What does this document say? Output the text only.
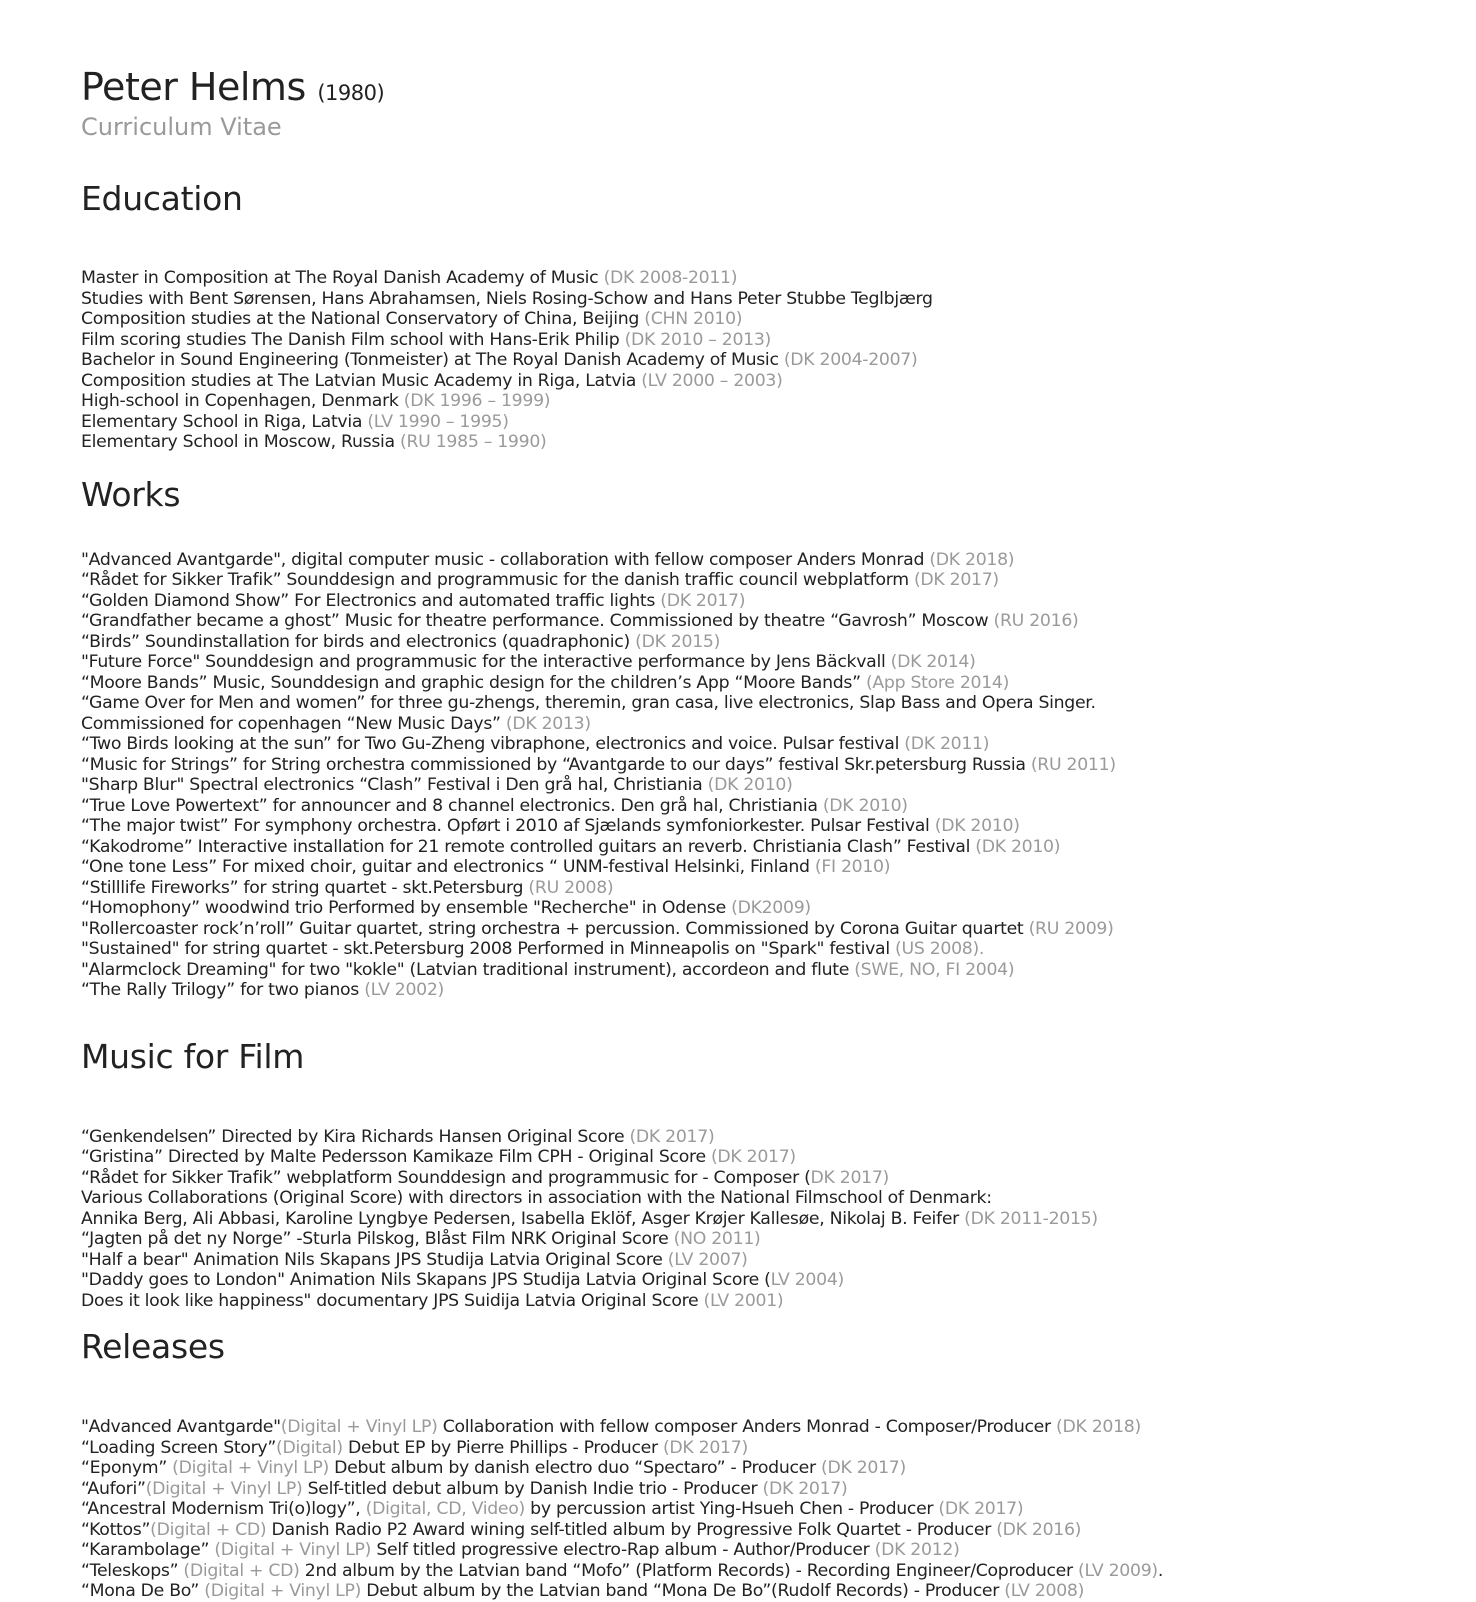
Peter Helms (1980)
Curriculum Vitae
Education
Master in Composition at The Royal Danish Academy of Music (DK 2008-2011)
Studies with Bent Sørensen, Hans Abrahamsen, Niels Rosing-Schow and Hans Peter Stubbe Teglbjærg
Composition studies at the National Conservatory of China, Beijing (CHN 2010)
Film scoring studies The Danish Film school with Hans-Erik Philip (DK 2010 – 2013)
Bachelor in Sound Engineering (Tonmeister) at The Royal Danish Academy of Music (DK 2004-2007)
Composition studies at The Latvian Music Academy in Riga, Latvia (LV 2000 – 2003)
High-school in Copenhagen, Denmark (DK 1996 – 1999)
Elementary School in Riga, Latvia (LV 1990 – 1995)
Elementary School in Moscow, Russia (RU 1985 – 1990)
Works
"Advanced Avantgarde", digital computer music - collaboration with fellow composer Anders Monrad (DK 2018)
“Rådet for Sikker Trafik” Sounddesign and programmusic for the danish traffic council webplatform (DK 2017)
“Golden Diamond Show” For Electronics and automated traffic lights (DK 2017)
“Grandfather became a ghost” Music for theatre performance. Commissioned by theatre “Gavrosh” Moscow (RU 2016)
“Birds” Soundinstallation for birds and electronics (quadraphonic) (DK 2015)
"Future Force" Sounddesign and programmusic for the interactive performance by Jens Bäckvall (DK 2014)
“Moore Bands” Music, Sounddesign and graphic design for the children’s App “Moore Bands” (App Store 2014)
“Game Over for Men and women” for three gu-zhengs, theremin, gran casa, live electronics, Slap Bass and Opera Singer.
Commissioned for copenhagen “New Music Days” (DK 2013)
“Two Birds looking at the sun” for Two Gu-Zheng vibraphone, electronics and voice. Pulsar festival (DK 2011)
“Music for Strings” for String orchestra commissioned by “Avantgarde to our days” festival Skr.petersburg Russia (RU 2011)
"Sharp Blur" Spectral electronics “Clash” Festival i Den grå hal, Christiania (DK 2010)
“True Love Powertext” for announcer and 8 channel electronics. Den grå hal, Christiania (DK 2010)
“The major twist” For symphony orchestra. Opført i 2010 af Sjælands symfoniorkester. Pulsar Festival (DK 2010)
“Kakodrome” Interactive installation for 21 remote controlled guitars an reverb. Christiania Clash” Festival (DK 2010)
“One tone Less” For mixed choir, guitar and electronics “ UNM-festival Helsinki, Finland (FI 2010)
“Stilllife Fireworks” for string quartet - skt.Petersburg (RU 2008)
“Homophony” woodwind trio Performed by ensemble "Recherche" in Odense (DK2009)
"Rollercoaster rock’n’roll” Guitar quartet, string orchestra + percussion. Commissioned by Corona Guitar quartet (RU 2009)
"Sustained" for string quartet - skt.Petersburg 2008 Performed in Minneapolis on "Spark" festival (US 2008).
"Alarmclock Dreaming" for two "kokle" (Latvian traditional instrument), accordeon and flute (SWE, NO, FI 2004)
“The Rally Trilogy” for two pianos (LV 2002)
Music for Film
“Genkendelsen” Directed by Kira Richards Hansen Original Score (DK 2017)
“Gristina” Directed by Malte Pedersson Kamikaze Film CPH - Original Score (DK 2017)
“Rådet for Sikker Trafik” webplatform Sounddesign and programmusic for - Composer (DK 2017)
Various Collaborations (Original Score) with directors in association with the National Filmschool of Denmark:
Annika Berg, Ali Abbasi, Karoline Lyngbye Pedersen, Isabella Eklöf, Asger Krøjer Kallesøe, Nikolaj B. Feifer (DK 2011-2015)
“Jagten på det ny Norge” -Sturla Pilskog, Blåst Film NRK Original Score (NO 2011)
"Half a bear" Animation Nils Skapans JPS Studija Latvia Original Score (LV 2007)
"Daddy goes to London" Animation Nils Skapans JPS Studija Latvia Original Score (LV 2004)
Does it look like happiness" documentary JPS Suidija Latvia Original Score (LV 2001)
Releases
"Advanced Avantgarde"(Digital + Vinyl LP) Collaboration with fellow composer Anders Monrad - Composer/Producer (DK 2018)
“Loading Screen Story”(Digital) Debut EP by Pierre Phillips - Producer (DK 2017)
“Eponym” (Digital + Vinyl LP) Debut album by danish electro duo “Spectaro” - Producer (DK 2017)
“Aufori”(Digital + Vinyl LP) Self-titled debut album by Danish Indie trio - Producer (DK 2017)
“Ancestral Modernism Tri(o)logy”, (Digital, CD, Video) by percussion artist Ying-Hsueh Chen - Producer (DK 2017)
“Kottos”(Digital + CD) Danish Radio P2 Award wining self-titled album by Progressive Folk Quartet - Producer (DK 2016)
“Karambolage” (Digital + Vinyl LP) Self titled progressive electro-Rap album - Author/Producer (DK 2012)
“Teleskops” (Digital + CD) 2nd album by the Latvian band “Mofo” (Platform Records) - Recording Engineer/Coproducer (LV 2009).
“Mona De Bo” (Digital + Vinyl LP) Debut album by the Latvian band “Mona De Bo”(Rudolf Records) - Producer (LV 2008)
